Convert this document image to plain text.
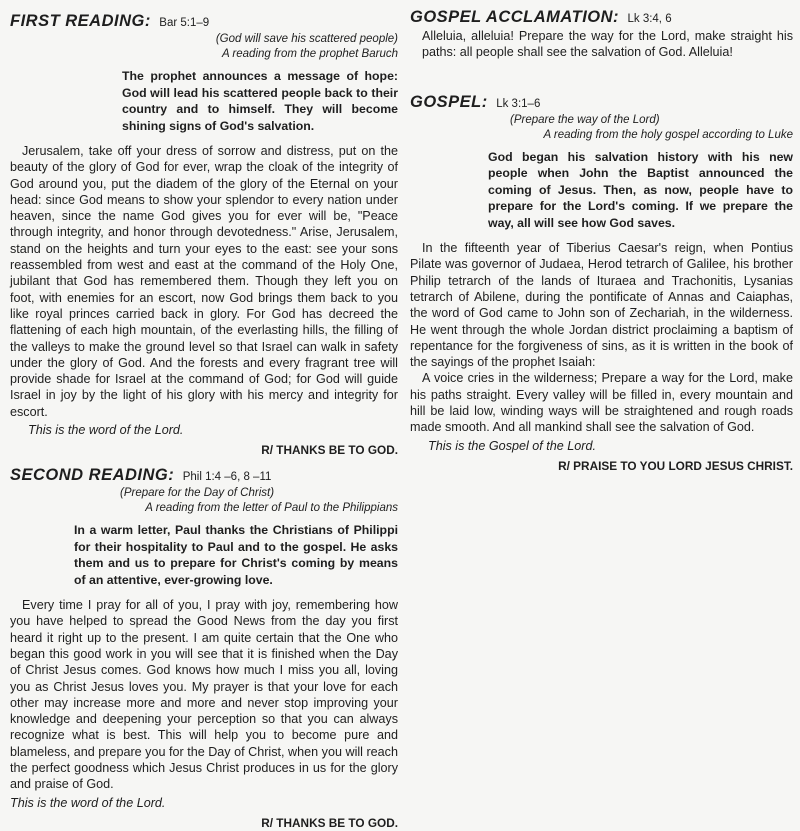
FIRST READING: Bar 5:1–9
(God will save his scattered people)
A reading from the prophet Baruch

The prophet announces a message of hope: God will lead his scattered people back to their country and to himself. They will become shining signs of God's salvation.

Jerusalem, take off your dress of sorrow and distress, put on the beauty of the glory of God for ever, wrap the cloak of the integrity of God around you, put the diadem of the glory of the Eternal on your head: since God means to show your splendor to every nation under heaven, since the name God gives you for ever will be, "Peace through integrity, and honor through devotedness." Arise, Jerusalem, stand on the heights and turn your eyes to the east: see your sons reassembled from west and east at the command of the Holy One, jubilant that God has remembered them. Though they left you on foot, with enemies for an escort, now God brings them back to you like royal princes carried back in glory. For God has decreed the flattening of each high mountain, of the everlasting hills, the filling of the valleys to make the ground level so that Israel can walk in safety under the glory of God. And the forests and every fragrant tree will provide shade for Israel at the command of God; for God will guide Israel in joy by the light of his glory with his mercy and integrity for escort.

This is the word of the Lord.

R/ THANKS BE TO GOD.

SECOND READING: Phil 1:4 –6, 8 –11
(Prepare for the Day of Christ)
A reading from the letter of Paul to the Philippians

In a warm letter, Paul thanks the Christians of Philippi for their hospitality to Paul and to the gospel. He asks them and us to prepare for Christ's coming by means of an attentive, ever-growing love.

Every time I pray for all of you, I pray with joy, remembering how you have helped to spread the Good News from the day you first heard it right up to the present. I am quite certain that the One who began this good work in you will see that it is finished when the Day of Christ Jesus comes. God knows how much I miss you all, loving you as Christ Jesus loves you. My prayer is that your love for each other may increase more and more and never stop improving your knowledge and deepening your perception so that you can always recognize what is best. This will help you to become pure and blameless, and prepare you for the Day of Christ, when you will reach the perfect goodness which Jesus Christ produces in us for the glory and praise of God.

This is the word of the Lord.

R/ THANKS BE TO GOD.

GOSPEL ACCLAMATION: Lk 3:4, 6

Alleluia, alleluia! Prepare the way for the Lord, make straight his paths: all people shall see the salvation of God. Alleluia!

GOSPEL: Lk 3:1–6
(Prepare the way of the Lord)
A reading from the holy gospel according to Luke

God began his salvation history with his new people when John the Baptist announced the coming of Jesus. Then, as now, people have to prepare for the Lord's coming. If we prepare the way, all will see how God saves.

In the fifteenth year of Tiberius Caesar's reign, when Pontius Pilate was governor of Judaea, Herod tetrarch of Galilee, his brother Philip tetrarch of the lands of Ituraea and Trachonitis, Lysanias tetrarch of Abilene, during the pontificate of Annas and Caiaphas, the word of God came to John son of Zechariah, in the wilderness. He went through the whole Jordan district proclaiming a baptism of repentance for the forgiveness of sins, as it is written in the book of the sayings of the prophet Isaiah:

A voice cries in the wilderness; Prepare a way for the Lord, make his paths straight. Every valley will be filled in, every mountain and hill be laid low, winding ways will be straightened and rough roads made smooth. And all mankind shall see the salvation of God.

This is the Gospel of the Lord.

R/ PRAISE TO YOU LORD JESUS CHRIST.
